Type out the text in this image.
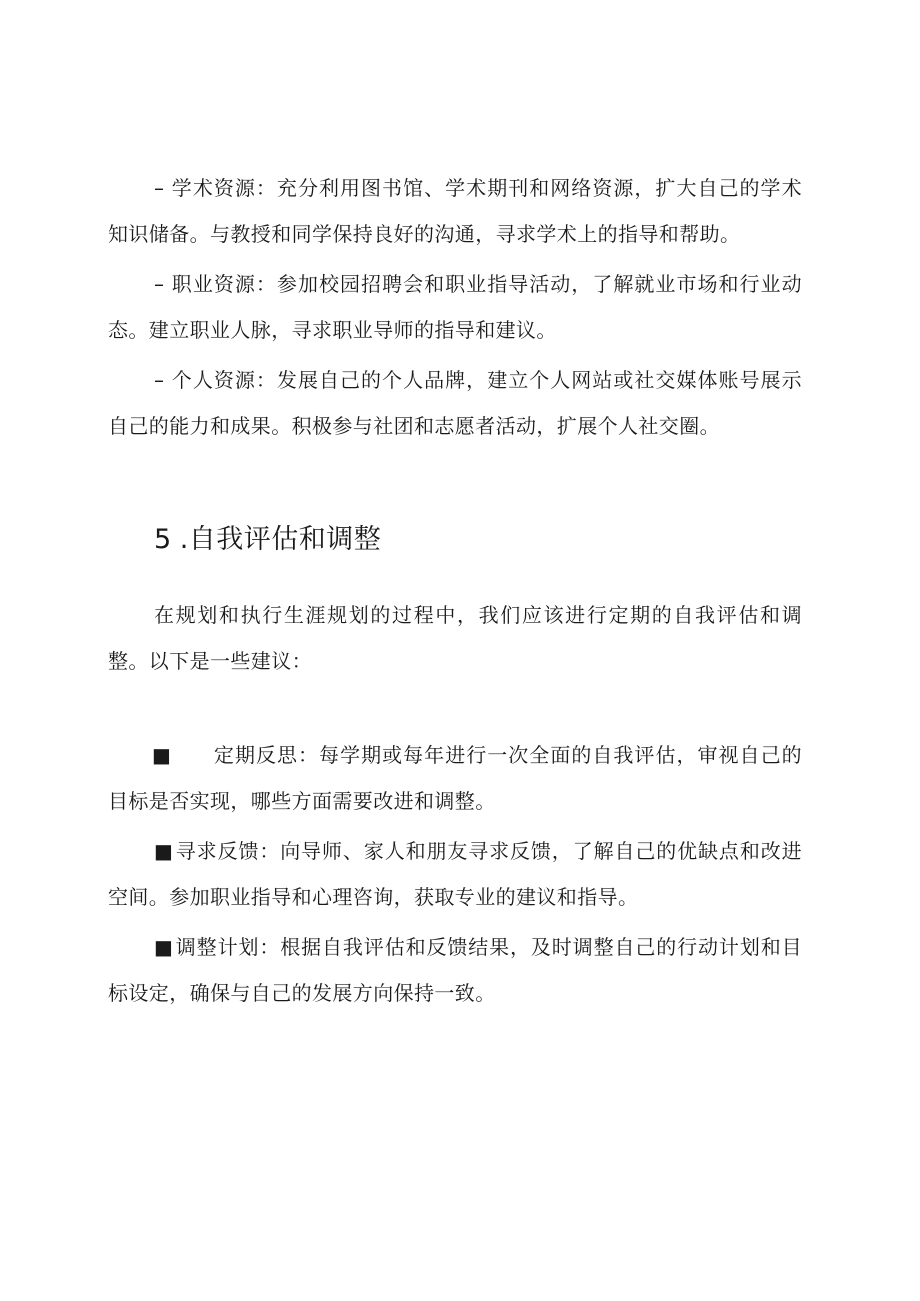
– 学术资源：充分利用图书馆、学术期刊和网络资源，扩大自己的学术知识储备。与教授和同学保持良好的沟通，寻求学术上的指导和帮助。

– 职业资源：参加校园招聘会和职业指导活动，了解就业市场和行业动态。建立职业人脉，寻求职业导师的指导和建议。

– 个人资源：发展自己的个人品牌，建立个人网站或社交媒体账号展示自己的能力和成果。积极参与社团和志愿者活动，扩展个人社交圈。

5 .自我评估和调整

在规划和执行生涯规划的过程中，我们应该进行定期的自我评估和调整。以下是一些建议：

■ 定期反思：每学期或每年进行一次全面的自我评估，审视自己的目标是否实现，哪些方面需要改进和调整。

■ 寻求反馈：向导师、家人和朋友寻求反馈，了解自己的优缺点和改进空间。参加职业指导和心理咨询，获取专业的建议和指导。

■ 调整计划：根据自我评估和反馈结果，及时调整自己的行动计划和目标设定，确保与自己的发展方向保持一致。
